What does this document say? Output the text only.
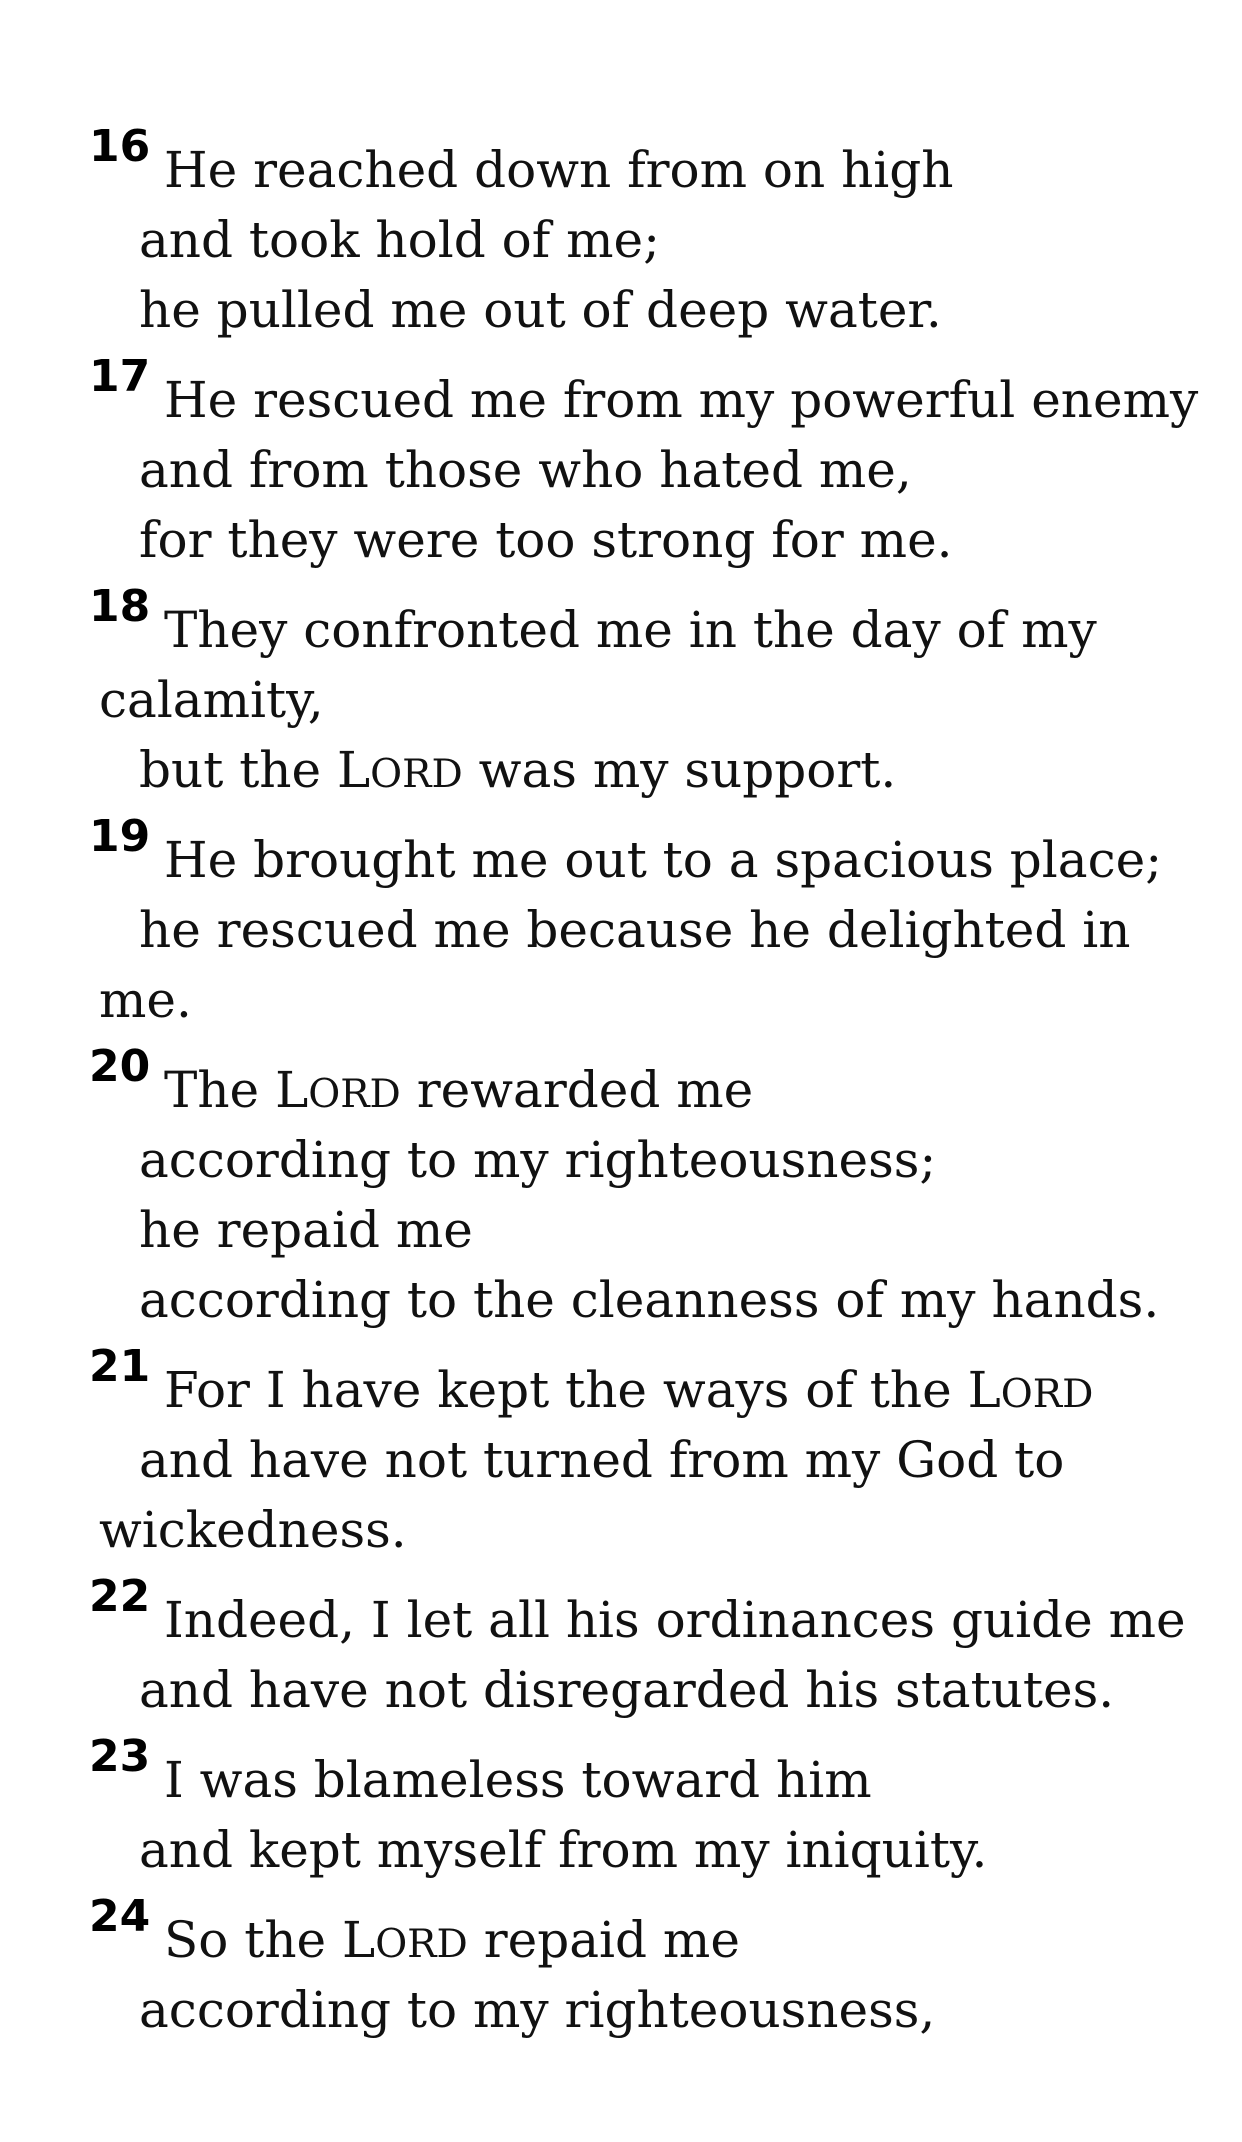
16 He reached down from on high
and took hold of me;
he pulled me out of deep water.
17 He rescued me from my powerful enemy
and from those who hated me,
for they were too strong for me.
18 They confronted me in the day of my
calamity,
but the LORD was my support.
19 He brought me out to a spacious place;
he rescued me because he delighted in
me.
20 The LORD rewarded me
according to my righteousness;
he repaid me
according to the cleanness of my hands.
21 For I have kept the ways of the LORD
and have not turned from my God to
wickedness.
22 Indeed, I let all his ordinances guide me
and have not disregarded his statutes.
23 I was blameless toward him
and kept myself from my iniquity.
24 So the LORD repaid me
according to my righteousness,
